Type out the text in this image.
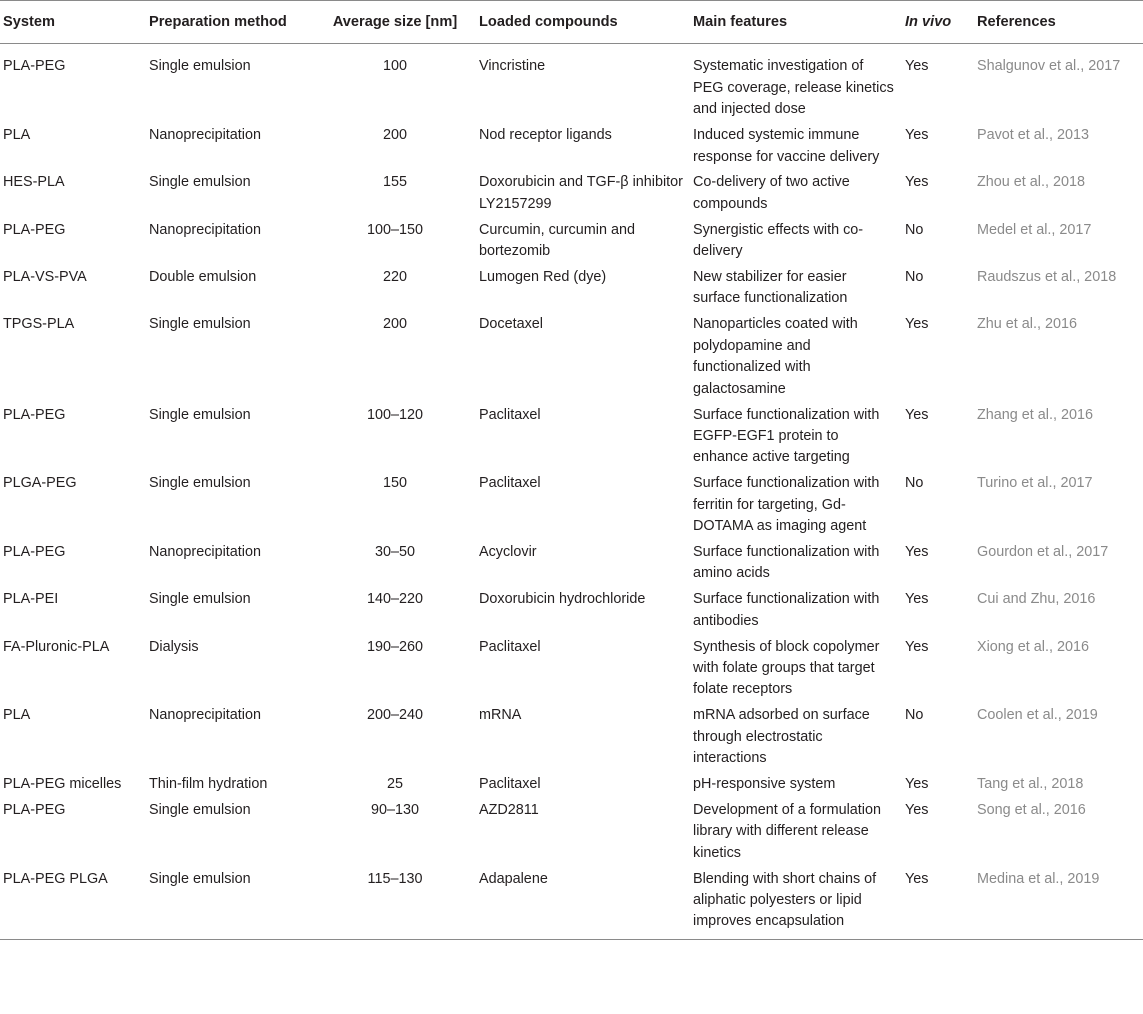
System	Preparation method	Average size [nm]	Loaded compounds	Main features	In vivo	References
PLA-PEG	Single emulsion	100	Vincristine	Systematic investigation of PEG coverage, release kinetics and injected dose	Yes	Shalgunov et al., 2017
PLA	Nanoprecipitation	200	Nod receptor ligands	Induced systemic immune response for vaccine delivery	Yes	Pavot et al., 2013
HES-PLA	Single emulsion	155	Doxorubicin and TGF-β inhibitor LY2157299	Co-delivery of two active compounds	Yes	Zhou et al., 2018
PLA-PEG	Nanoprecipitation	100–150	Curcumin, curcumin and bortezomib	Synergistic effects with co-delivery	No	Medel et al., 2017
PLA-VS-PVA	Double emulsion	220	Lumogen Red (dye)	New stabilizer for easier surface functionalization	No	Raudszus et al., 2018
TPGS-PLA	Single emulsion	200	Docetaxel	Nanoparticles coated with polydopamine and functionalized with galactosamine	Yes	Zhu et al., 2016
PLA-PEG	Single emulsion	100–120	Paclitaxel	Surface functionalization with EGFP-EGF1 protein to enhance active targeting	Yes	Zhang et al., 2016
PLGA-PEG	Single emulsion	150	Paclitaxel	Surface functionalization with ferritin for targeting, Gd-DOTAMA as imaging agent	No	Turino et al., 2017
PLA-PEG	Nanoprecipitation	30–50	Acyclovir	Surface functionalization with amino acids	Yes	Gourdon et al., 2017
PLA-PEI	Single emulsion	140–220	Doxorubicin hydrochloride	Surface functionalization with antibodies	Yes	Cui and Zhu, 2016
FA-Pluronic-PLA	Dialysis	190–260	Paclitaxel	Synthesis of block copolymer with folate groups that target folate receptors	Yes	Xiong et al., 2016
PLA	Nanoprecipitation	200–240	mRNA	mRNA adsorbed on surface through electrostatic interactions	No	Coolen et al., 2019
PLA-PEG micelles	Thin-film hydration	25	Paclitaxel	pH-responsive system	Yes	Tang et al., 2018
PLA-PEG	Single emulsion	90–130	AZD2811	Development of a formulation library with different release kinetics	Yes	Song et al., 2016
PLA-PEG PLGA	Single emulsion	115–130	Adapalene	Blending with short chains of aliphatic polyesters or lipid improves encapsulation	Yes	Medina et al., 2019
